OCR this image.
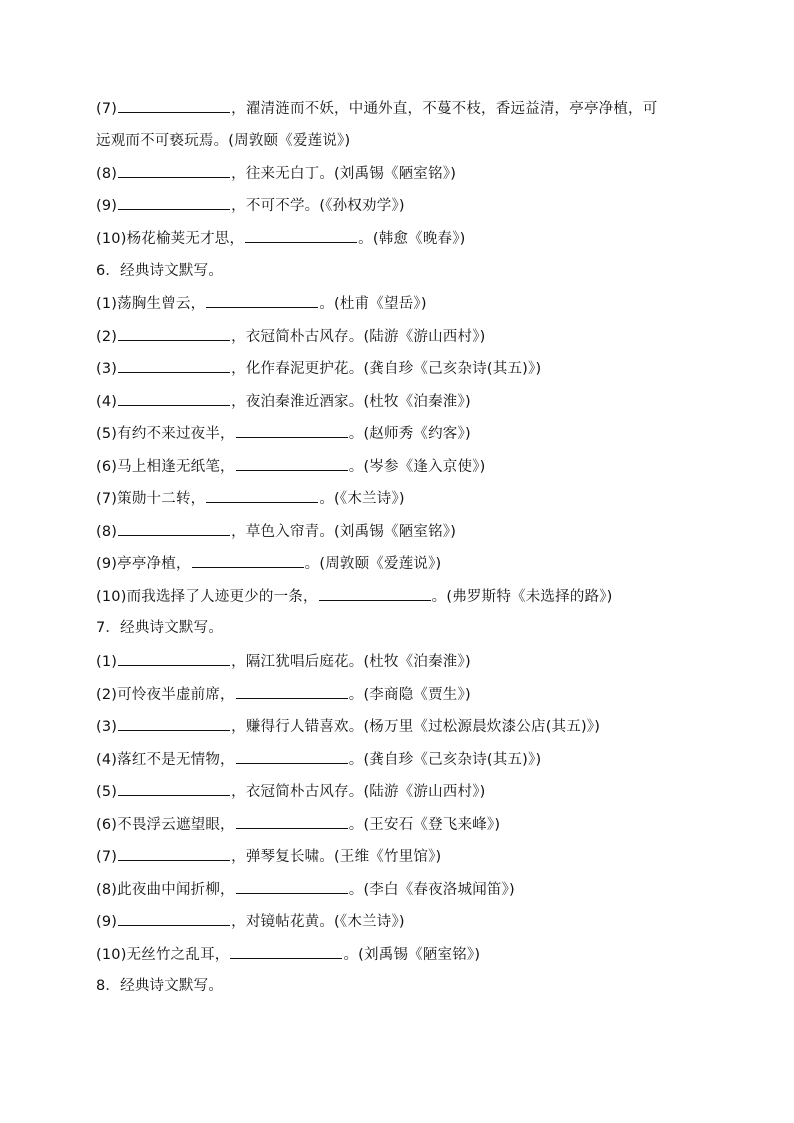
(7)	，濯清涟而不妖，中通外直，不蔓不枝，香远益清，亭亭净植，可
远观而不可亵玩焉。(周敦颐《爱莲说》)
(8)	，往来无白丁。(刘禹锡《陋室铭》)
(9)	，不可不学。(《孙权劝学》)
(10)杨花榆荚无才思，	。(韩愈《晚春》)
6．经典诗文默写。
(1)荡胸生曾云，	。(杜甫《望岳》)
(2)	，衣冠简朴古风存。(陆游《游山西村》)
(3)	，化作春泥更护花。(龚自珍《己亥杂诗(其五)》)
(4)	，夜泊秦淮近酒家。(杜牧《泊秦淮》)
(5)有约不来过夜半，	。(赵师秀《约客》)
(6)马上相逢无纸笔，	。(岑参《逢入京使》)
(7)策勋十二转，	。(《木兰诗》)
(8)	，草色入帘青。(刘禹锡《陋室铭》)
(9)亭亭净植，	。(周敦颐《爱莲说》)
(10)而我选择了人迹更少的一条，	。(弗罗斯特《未选择的路》)
7．经典诗文默写。
(1)	，隔江犹唱后庭花。(杜牧《泊秦淮》)
(2)可怜夜半虚前席，	。(李商隐《贾生》)
(3)	，赚得行人错喜欢。(杨万里《过松源晨炊漆公店(其五)》)
(4)落红不是无情物，	。(龚自珍《己亥杂诗(其五)》)
(5)	，衣冠简朴古风存。(陆游《游山西村》)
(6)不畏浮云遮望眼，	。(王安石《登飞来峰》)
(7)	，弹琴复长啸。(王维《竹里馆》)
(8)此夜曲中闻折柳，	。(李白《春夜洛城闻笛》)
(9)	，对镜帖花黄。(《木兰诗》)
(10)无丝竹之乱耳，	。(刘禹锡《陋室铭》)
8．经典诗文默写。
